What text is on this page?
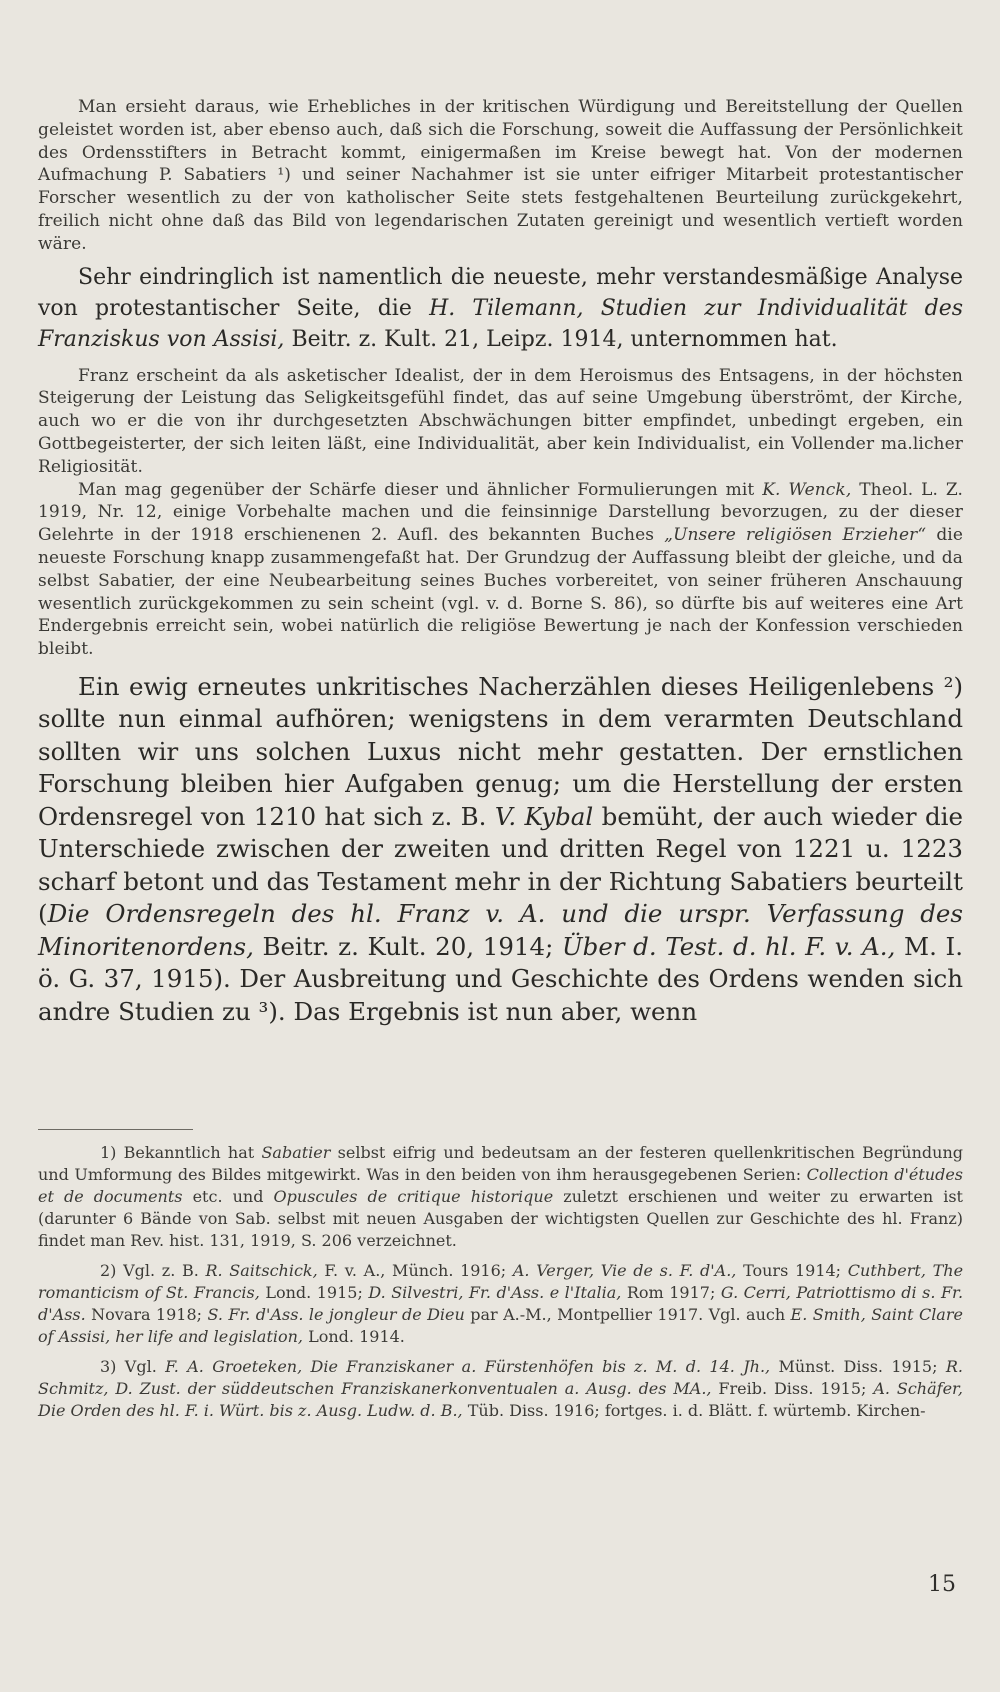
Man ersieht daraus, wie Erhebliches in der kritischen Würdigung und Bereitstellung der Quellen geleistet worden ist, aber ebenso auch, daß sich die Forschung, soweit die Auffassung der Persönlichkeit des Ordensstifters in Betracht kommt, einigermaßen im Kreise bewegt hat. Von der modernen Aufmachung P. Sabatiers ¹) und seiner Nachahmer ist sie unter eifriger Mitarbeit protestantischer Forscher wesentlich zu der von katholischer Seite stets festgehaltenen Beurteilung zurückgekehrt, freilich nicht ohne daß das Bild von legendarischen Zutaten gereinigt und wesentlich vertieft worden wäre.

Sehr eindringlich ist namentlich die neueste, mehr verstandesmäßige Analyse von protestantischer Seite, die H. Tilemann, Studien zur Individualität des Franziskus von Assisi, Beitr. z. Kult. 21, Leipz. 1914, unternommen hat.

Franz erscheint da als asketischer Idealist, der in dem Heroismus des Entsagens, in der höchsten Steigerung der Leistung das Seligkeitsgefühl findet, das auf seine Umgebung überströmt, der Kirche, auch wo er die von ihr durchgesetzten Abschwächungen bitter empfindet, unbedingt ergeben, ein Gottbegeisterter, der sich leiten läßt, eine Individualität, aber kein Individualist, ein Vollender ma.licher Religiosität.

Man mag gegenüber der Schärfe dieser und ähnlicher Formulierungen mit K. Wenck, Theol. L. Z. 1919, Nr. 12, einige Vorbehalte machen und die feinsinnige Darstellung bevorzugen, zu der dieser Gelehrte in der 1918 erschienenen 2. Aufl. des bekannten Buches „Unsere religiösen Erzieher“ die neueste Forschung knapp zusammengefaßt hat. Der Grundzug der Auffassung bleibt der gleiche, und da selbst Sabatier, der eine Neubearbeitung seines Buches vorbereitet, von seiner früheren Anschauung wesentlich zurückgekommen zu sein scheint (vgl. v. d. Borne S. 86), so dürfte bis auf weiteres eine Art Endergebnis erreicht sein, wobei natürlich die religiöse Bewertung je nach der Konfession verschieden bleibt.

Ein ewig erneutes unkritisches Nacherzählen dieses Heiligenlebens ²) sollte nun einmal aufhören; wenigstens in dem verarmten Deutschland sollten wir uns solchen Luxus nicht mehr gestatten. Der ernstlichen Forschung bleiben hier Aufgaben genug; um die Herstellung der ersten Ordensregel von 1210 hat sich z. B. V. Kybal bemüht, der auch wieder die Unterschiede zwischen der zweiten und dritten Regel von 1221 u. 1223 scharf betont und das Testament mehr in der Richtung Sabatiers beurteilt (Die Ordensregeln des hl. Franz v. A. und die urspr. Verfassung des Minoritenordens, Beitr. z. Kult. 20, 1914; Über d. Test. d. hl. F. v. A., M. I. ö. G. 37, 1915). Der Ausbreitung und Geschichte des Ordens wenden sich andre Studien zu ³). Das Ergebnis ist nun aber, wenn

1) Bekanntlich hat Sabatier selbst eifrig und bedeutsam an der festeren quellenkritischen Begründung und Umformung des Bildes mitgewirkt. Was in den beiden von ihm herausgegebenen Serien: Collection d'études et de documents etc. und Opuscules de critique historique zuletzt erschienen und weiter zu erwarten ist (darunter 6 Bände von Sab. selbst mit neuen Ausgaben der wichtigsten Quellen zur Geschichte des hl. Franz) findet man Rev. hist. 131, 1919, S. 206 verzeichnet.

2) Vgl. z. B. R. Saitschick, F. v. A., Münch. 1916; A. Verger, Vie de s. F. d'A., Tours 1914; Cuthbert, The romanticism of St. Francis, Lond. 1915; D. Silvestri, Fr. d'Ass. e l'Italia, Rom 1917; G. Cerri, Patriottismo di s. Fr. d'Ass. Novara 1918; S. Fr. d'Ass. le jongleur de Dieu par A.-M., Montpellier 1917. Vgl. auch E. Smith, Saint Clare of Assisi, her life and legislation, Lond. 1914.

3) Vgl. F. A. Groeteken, Die Franziskaner a. Fürstenhöfen bis z. M. d. 14. Jh., Münst. Diss. 1915; R. Schmitz, D. Zust. der süddeutschen Franziskanerkonventualen a. Ausg. des MA., Freib. Diss. 1915; A. Schäfer, Die Orden des hl. F. i. Würt. bis z. Ausg. Ludw. d. B., Tüb. Diss. 1916; fortges. i. d. Blätt. f. würtemb. Kirchen-

15
